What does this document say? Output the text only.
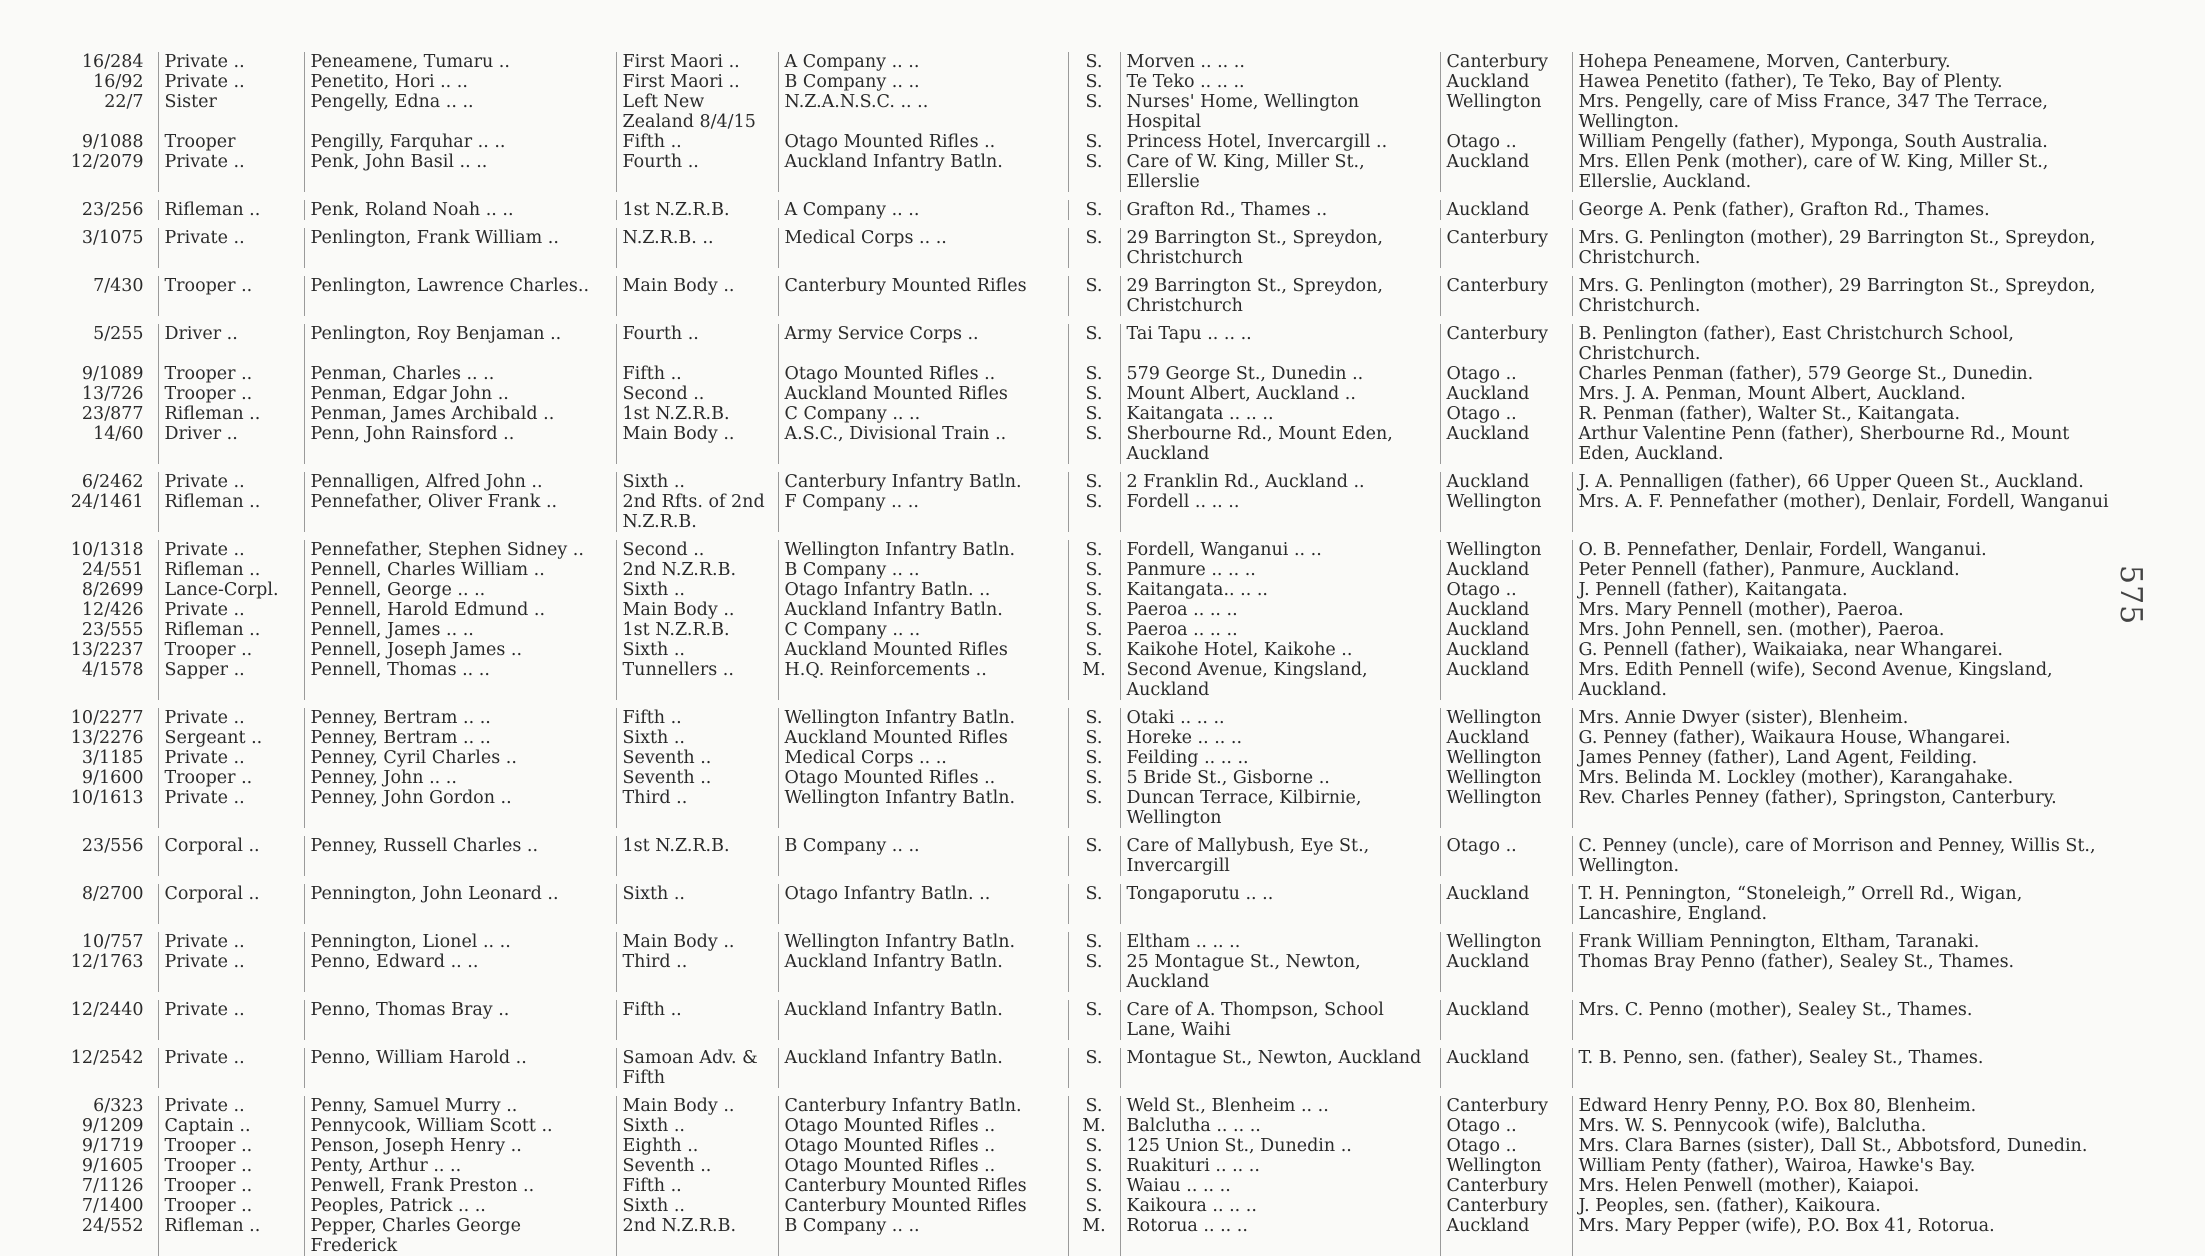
16/284	Private ..	Peneamene, Tumaru ..	First Maori ..	A Company .. ..	S.	Morven .. .. ..	Canterbury	Hohepa Peneamene, Morven, Canterbury.
16/92	Private ..	Penetito, Hori .. ..	First Maori ..	B Company .. ..	S.	Te Teko .. .. ..	Auckland	Hawea Penetito (father), Te Teko, Bay of Plenty.
22/7	Sister	Pengelly, Edna .. ..	Left New Zealand 8/4/15	N.Z.A.N.S.C. .. ..	S.	Nurses' Home, Wellington Hospital	Wellington	Mrs. Pengelly, care of Miss France, 347 The Terrace, Wellington.
9/1088	Trooper	Pengilly, Farquhar .. ..	Fifth ..	Otago Mounted Rifles ..	S.	Princess Hotel, Invercargill ..	Otago ..	William Pengelly (father), Myponga, South Australia.
12/2079	Private ..	Penk, John Basil .. ..	Fourth ..	Auckland Infantry Batln.	S.	Care of W. King, Miller St., Ellerslie	Auckland	Mrs. Ellen Penk (mother), care of W. King, Miller St., Ellerslie, Auckland.

23/256	Rifleman ..	Penk, Roland Noah .. ..	1st N.Z.R.B.	A Company .. ..	S.	Grafton Rd., Thames ..	Auckland	George A. Penk (father), Grafton Rd., Thames.

3/1075	Private ..	Penlington, Frank William ..	N.Z.R.B. ..	Medical Corps .. ..	S.	29 Barrington St., Spreydon, Christchurch	Canterbury	Mrs. G. Penlington (mother), 29 Barrington St., Spreydon, Christchurch.

7/430	Trooper ..	Penlington, Lawrence Charles..	Main Body ..	Canterbury Mounted Rifles	S.	29 Barrington St., Spreydon, Christchurch	Canterbury	Mrs. G. Penlington (mother), 29 Barrington St., Spreydon, Christchurch.

5/255	Driver ..	Penlington, Roy Benjaman ..	Fourth ..	Army Service Corps ..	S.	Tai Tapu .. .. ..	Canterbury	B. Penlington (father), East Christchurch School, Christchurch.
9/1089	Trooper ..	Penman, Charles .. ..	Fifth ..	Otago Mounted Rifles ..	S.	579 George St., Dunedin ..	Otago ..	Charles Penman (father), 579 George St., Dunedin.
13/726	Trooper ..	Penman, Edgar John ..	Second ..	Auckland Mounted Rifles	S.	Mount Albert, Auckland ..	Auckland	Mrs. J. A. Penman, Mount Albert, Auckland.
23/877	Rifleman ..	Penman, James Archibald ..	1st N.Z.R.B.	C Company .. ..	S.	Kaitangata .. .. ..	Otago ..	R. Penman (father), Walter St., Kaitangata.
14/60	Driver ..	Penn, John Rainsford ..	Main Body ..	A.S.C., Divisional Train ..	S.	Sherbourne Rd., Mount Eden, Auckland	Auckland	Arthur Valentine Penn (father), Sherbourne Rd., Mount Eden, Auckland.

6/2462	Private ..	Pennalligen, Alfred John ..	Sixth ..	Canterbury Infantry Batln.	S.	2 Franklin Rd., Auckland ..	Auckland	J. A. Pennalligen (father), 66 Upper Queen St., Auckland.
24/1461	Rifleman ..	Pennefather, Oliver Frank ..	2nd Rfts. of 2nd N.Z.R.B.	F Company .. ..	S.	Fordell .. .. ..	Wellington	Mrs. A. F. Pennefather (mother), Denlair, Fordell, Wanganui

10/1318	Private ..	Pennefather, Stephen Sidney ..	Second ..	Wellington Infantry Batln.	S.	Fordell, Wanganui .. ..	Wellington	O. B. Pennefather, Denlair, Fordell, Wanganui.
24/551	Rifleman ..	Pennell, Charles William ..	2nd N.Z.R.B.	B Company .. ..	S.	Panmure .. .. ..	Auckland	Peter Pennell (father), Panmure, Auckland.
8/2699	Lance-Corpl.	Pennell, George .. ..	Sixth ..	Otago Infantry Batln. ..	S.	Kaitangata.. .. ..	Otago ..	J. Pennell (father), Kaitangata.
12/426	Private ..	Pennell, Harold Edmund ..	Main Body ..	Auckland Infantry Batln.	S.	Paeroa .. .. ..	Auckland	Mrs. Mary Pennell (mother), Paeroa.
23/555	Rifleman ..	Pennell, James .. ..	1st N.Z.R.B.	C Company .. ..	S.	Paeroa .. .. ..	Auckland	Mrs. John Pennell, sen. (mother), Paeroa.
13/2237	Trooper ..	Pennell, Joseph James ..	Sixth ..	Auckland Mounted Rifles	S.	Kaikohe Hotel, Kaikohe ..	Auckland	G. Pennell (father), Waikaiaka, near Whangarei.
4/1578	Sapper ..	Pennell, Thomas .. ..	Tunnellers ..	H.Q. Reinforcements ..	M.	Second Avenue, Kingsland, Auckland	Auckland	Mrs. Edith Pennell (wife), Second Avenue, Kingsland, Auckland.

10/2277	Private ..	Penney, Bertram .. ..	Fifth ..	Wellington Infantry Batln.	S.	Otaki .. .. ..	Wellington	Mrs. Annie Dwyer (sister), Blenheim.
13/2276	Sergeant ..	Penney, Bertram .. ..	Sixth ..	Auckland Mounted Rifles	S.	Horeke .. .. ..	Auckland	G. Penney (father), Waikaura House, Whangarei.
3/1185	Private ..	Penney, Cyril Charles ..	Seventh ..	Medical Corps .. ..	S.	Feilding .. .. ..	Wellington	James Penney (father), Land Agent, Feilding.
9/1600	Trooper ..	Penney, John .. ..	Seventh ..	Otago Mounted Rifles ..	S.	5 Bride St., Gisborne ..	Wellington	Mrs. Belinda M. Lockley (mother), Karangahake.
10/1613	Private ..	Penney, John Gordon ..	Third ..	Wellington Infantry Batln.	S.	Duncan Terrace, Kilbirnie, Wellington	Wellington	Rev. Charles Penney (father), Springston, Canterbury.

23/556	Corporal ..	Penney, Russell Charles ..	1st N.Z.R.B.	B Company .. ..	S.	Care of Mallybush, Eye St., Invercargill	Otago ..	C. Penney (uncle), care of Morrison and Penney, Willis St., Wellington.

8/2700	Corporal ..	Pennington, John Leonard ..	Sixth ..	Otago Infantry Batln. ..	S.	Tongaporutu .. ..	Auckland	T. H. Pennington, “Stoneleigh,” Orrell Rd., Wigan, Lancashire, England.

10/757	Private ..	Pennington, Lionel .. ..	Main Body ..	Wellington Infantry Batln.	S.	Eltham .. .. ..	Wellington	Frank William Pennington, Eltham, Taranaki.
12/1763	Private ..	Penno, Edward .. ..	Third ..	Auckland Infantry Batln.	S.	25 Montague St., Newton, Auckland	Auckland	Thomas Bray Penno (father), Sealey St., Thames.

12/2440	Private ..	Penno, Thomas Bray ..	Fifth ..	Auckland Infantry Batln.	S.	Care of A. Thompson, School Lane, Waihi	Auckland	Mrs. C. Penno (mother), Sealey St., Thames.

12/2542	Private ..	Penno, William Harold ..	Samoan Adv. & Fifth	Auckland Infantry Batln.	S.	Montague St., Newton, Auckland	Auckland	T. B. Penno, sen. (father), Sealey St., Thames.

6/323	Private ..	Penny, Samuel Murry ..	Main Body ..	Canterbury Infantry Batln.	S.	Weld St., Blenheim .. ..	Canterbury	Edward Henry Penny, P.O. Box 80, Blenheim.
9/1209	Captain ..	Pennycook, William Scott ..	Sixth ..	Otago Mounted Rifles ..	M.	Balclutha .. .. ..	Otago ..	Mrs. W. S. Pennycook (wife), Balclutha.
9/1719	Trooper ..	Penson, Joseph Henry ..	Eighth ..	Otago Mounted Rifles ..	S.	125 Union St., Dunedin ..	Otago ..	Mrs. Clara Barnes (sister), Dall St., Abbotsford, Dunedin.
9/1605	Trooper ..	Penty, Arthur .. ..	Seventh ..	Otago Mounted Rifles ..	S.	Ruakituri .. .. ..	Wellington	William Penty (father), Wairoa, Hawke's Bay.
7/1126	Trooper ..	Penwell, Frank Preston ..	Fifth ..	Canterbury Mounted Rifles	S.	Waiau .. .. ..	Canterbury	Mrs. Helen Penwell (mother), Kaiapoi.
7/1400	Trooper ..	Peoples, Patrick .. ..	Sixth ..	Canterbury Mounted Rifles	S.	Kaikoura .. .. ..	Canterbury	J. Peoples, sen. (father), Kaikoura.
24/552	Rifleman ..	Pepper, Charles George Frederick	2nd N.Z.R.B.	B Company .. ..	M.	Rotorua .. .. ..	Auckland	Mrs. Mary Pepper (wife), P.O. Box 41, Rotorua.
575
